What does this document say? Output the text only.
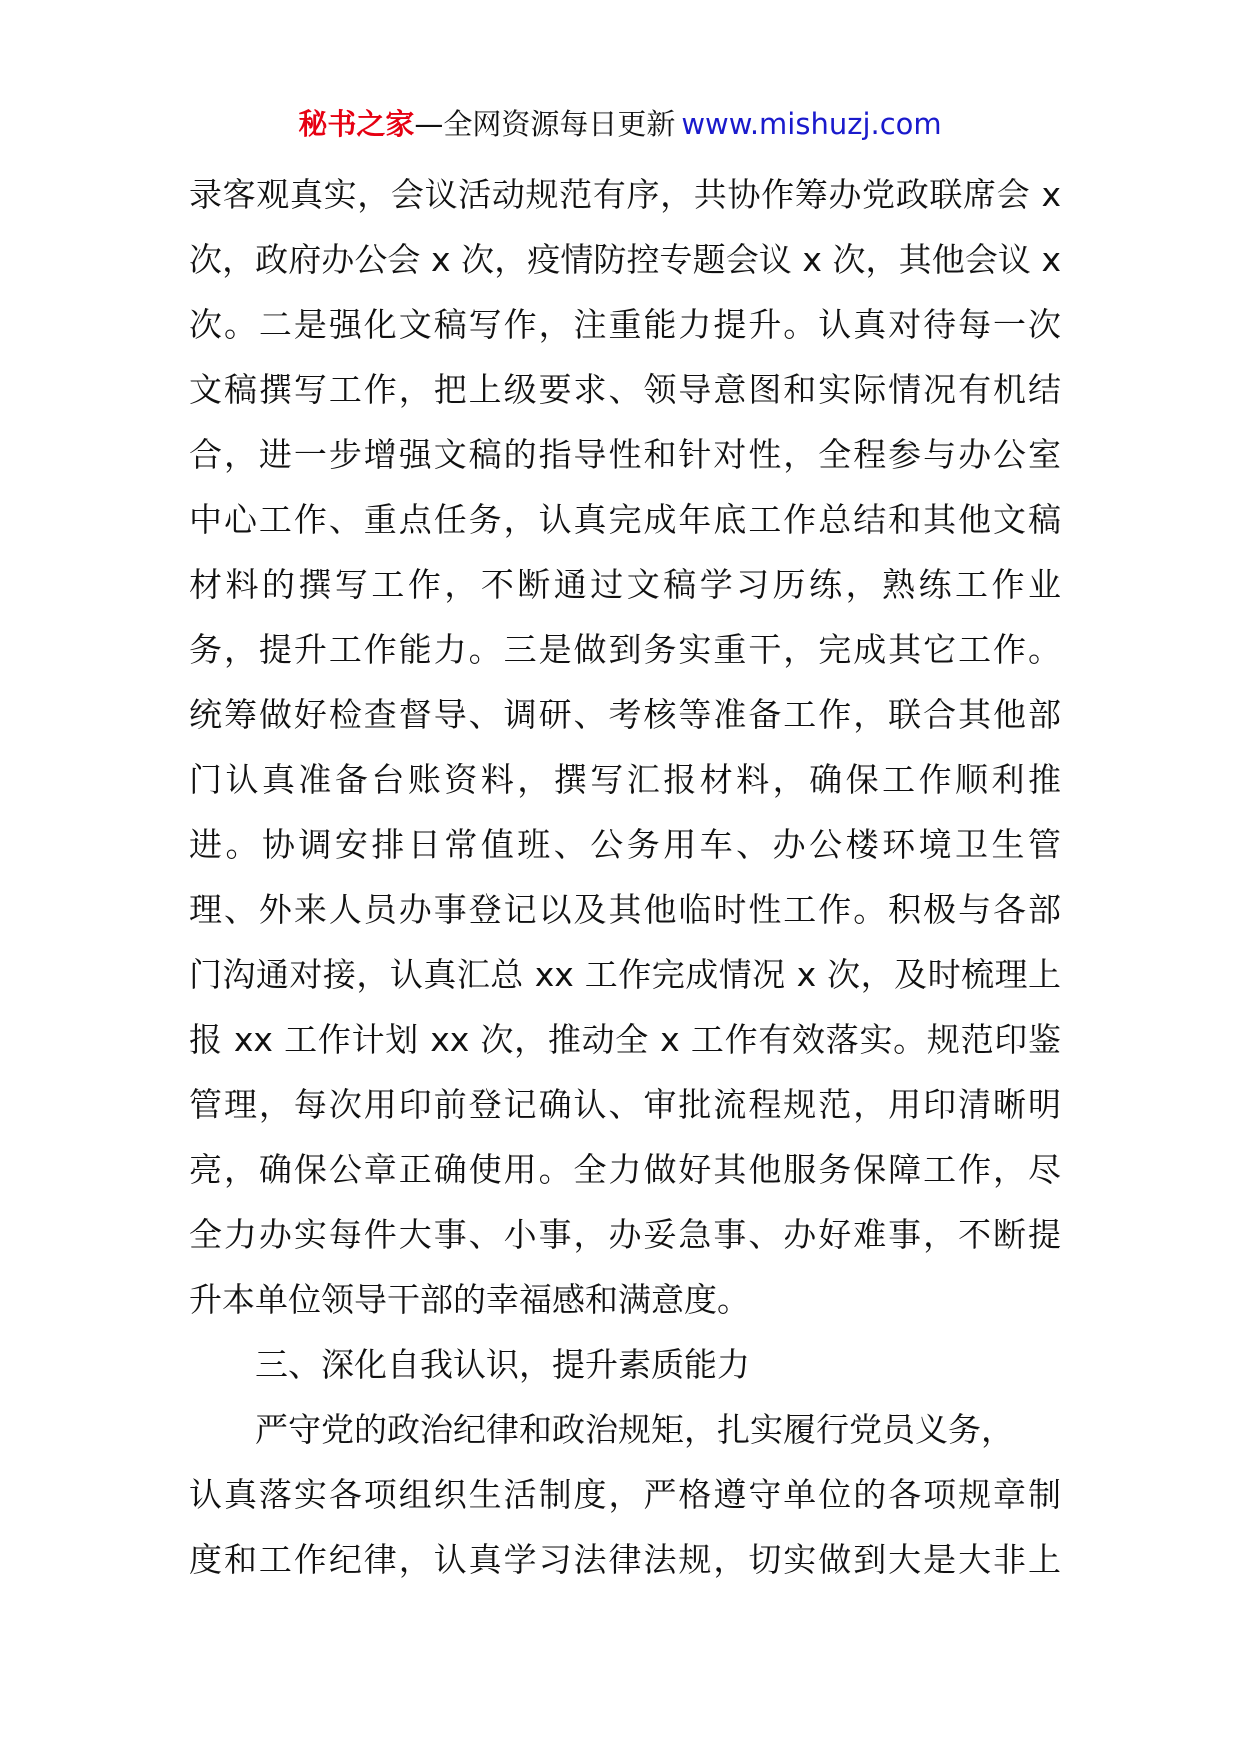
秘书之家—全网资源每日更新 www.mishuzj.com
录客观真实，会议活动规范有序，共协作筹办党政联席会 x
次，政府办公会 x 次，疫情防控专题会议 x 次，其他会议 x
次。二是强化文稿写作，注重能力提升。认真对待每一次
文稿撰写工作，把上级要求、领导意图和实际情况有机结
合，进一步增强文稿的指导性和针对性，全程参与办公室
中心工作、重点任务，认真完成年底工作总结和其他文稿
材料的撰写工作，不断通过文稿学习历练，熟练工作业
务，提升工作能力。三是做到务实重干，完成其它工作。
统筹做好检查督导、调研、考核等准备工作，联合其他部
门认真准备台账资料，撰写汇报材料，确保工作顺利推
进。协调安排日常值班、公务用车、办公楼环境卫生管
理、外来人员办事登记以及其他临时性工作。积极与各部
门沟通对接，认真汇总 xx 工作完成情况 x 次，及时梳理上
报 xx 工作计划 xx 次，推动全 x 工作有效落实。规范印鉴
管理，每次用印前登记确认、审批流程规范，用印清晰明
亮，确保公章正确使用。全力做好其他服务保障工作，尽
全力办实每件大事、小事，办妥急事、办好难事，不断提
升本单位领导干部的幸福感和满意度。
三、深化自我认识，提升素质能力
严守党的政治纪律和政治规矩，扎实履行党员义务，
认真落实各项组织生活制度，严格遵守单位的各项规章制
度和工作纪律，认真学习法律法规，切实做到大是大非上
